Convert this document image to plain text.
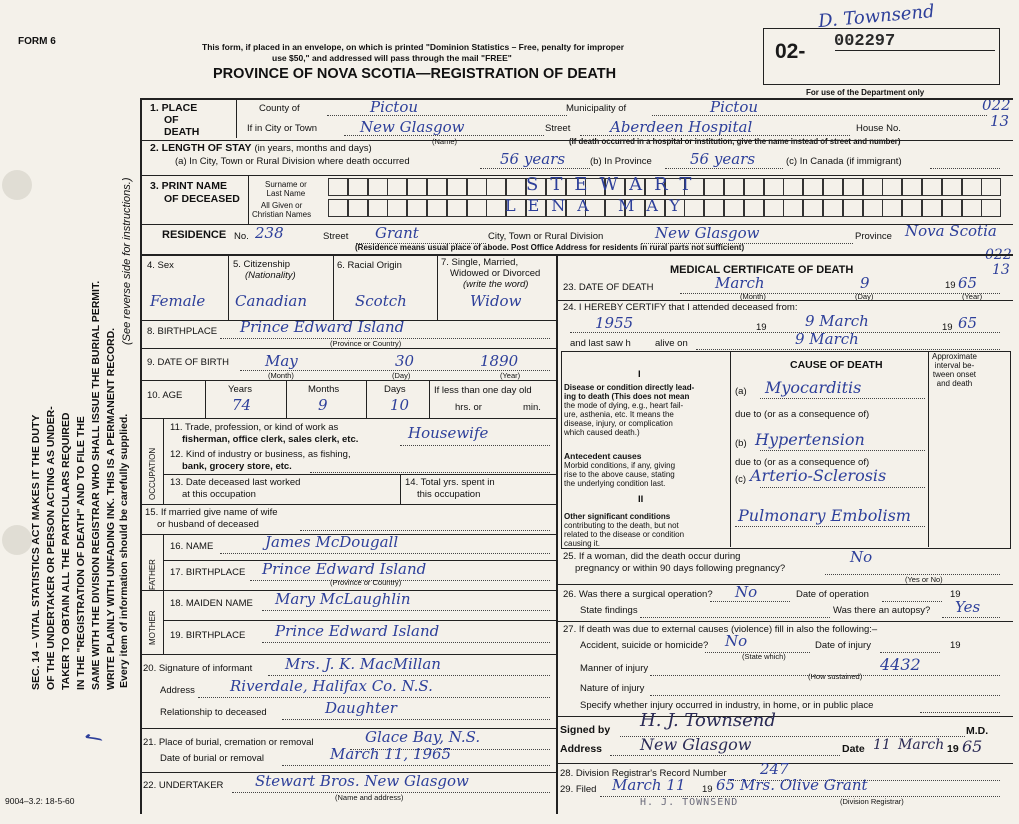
FORM 6	This form, if placed in an envelope, on which is printed "Dominion Statistics – Free, penalty for improper
use $50," and addressed will pass through the mail "FREE"
PROVINCE OF NOVA SCOTIA—REGISTRATION OF DEATH
02- 002297
D. Townsend
For use of the Department only
022
13
022
13
SEC. 14 – VITAL STATISTICS ACT MAKES IT THE DUTY OF THE UNDERTAKER OR PERSON ACTING AS UNDER- TAKER TO OBTAIN ALL THE PARTICULARS REQUIRED IN THE "REGISTRATION OF DEATH" AND TO FILE THE SAME WITH THE DIVISION REGISTRAR WHO SHALL ISSUE THE BURIAL PERMIT. WRITE PLAINLY WITH UNFADING INK. THIS IS A PERMANENT RECORD.
(See reverse side for instructions.)
Every item of information should be carefully supplied.
✓
1. PLACE
OF
DEATH
County of	Pictou	Municipality of	Pictou
If in City or Town	New Glasgow
(Name)
Street	Aberdeen Hospital	House No.
(If death occurred in a hospital or institution, give the name instead of street and number)
2. LENGTH OF STAY (in years, months and days)
(a) In City, Town or Rural Division where death occurred	56 years	(b) In Province	56 years	(c) In Canada (if immigrant)
3. PRINT NAME
OF DECEASED
Surname or
Last Name
All Given or
Christian Names
STEWART
LENA MAY
RESIDENCE No. 238	Street Grant	City, Town or Rural Division	New Glasgow	Province Nova Scotia
(Residence means usual place of abode. Post Office Address for residents in rural parts not sufficient)
4. Sex	5. Citizenship
(Nationality)
6. Racial Origin	7. Single, Married,
Widowed or Divorced
(write the word)
Female Canadian	Scotch	Widow
8. BIRTHPLACE Prince Edward Island
(Province or Country)
9. DATE OF BIRTH May	30	1890
(Month)	(Day)	(Year)
10. AGE
Years	Months	Days
74	9	10
If less than one day old
hrs. or	min.
OCCUPATION
11. Trade, profession, or kind of work as
fisherman, office clerk, sales clerk, etc.	Housewife
12. Kind of industry or business, as fishing,
bank, grocery store, etc.
13. Date deceased last worked
at this occupation
14. Total yrs. spent in
this occupation
15. If married give name of wife
or husband of deceased
FATHER
MOTHER
16. NAME	James McDougall
17. BIRTHPLACE Prince Edward Island
(Province or Country)
18. MAIDEN NAME Mary McLaughlin
19. BIRTHPLACE Prince Edward Island
20. Signature of informant Mrs. J. K. MacMillan
Address Riverdale, Halifax Co. N.S.
Relationship to deceased	Daughter
21. Place of burial, cremation or removal	Glace Bay, N.S.
Date of burial or removal	March 11, 1965
22. UNDERTAKER Stewart Bros. New Glasgow
(Name and address)
9004–3.2: 18-5-60
MEDICAL CERTIFICATE OF DEATH
23. DATE OF DEATH	March	9	19 65
(Month)	(Day)	(Year)
24. I HEREBY CERTIFY that I attended deceased from:
1955	19	9 March	19 65
and last saw h	alive on	9 March
CAUSE OF DEATH
Approximate
interval be-
tween onset
and death
I
Disease or condition directly lead-
ing to death (This does not mean
the mode of dying, e.g., heart fail-
ure, asthenia, etc. It means the
disease, injury, or complication
which caused death.)
(a) Myocarditis
due to (or as a consequence of)
(b) Hypertension
Antecedent causes
Morbid conditions, if any, giving
rise to the above cause, stating
the underlying condition last.
due to (or as a consequence of)
(c) Arterio-Sclerosis
II
Other significant conditions
contributing to the death, but not
related to the disease or condition
causing it.
Pulmonary Embolism
25. If a woman, did the death occur during
pregnancy or within 90 days following pregnancy?
No
(Yes or No)
26. Was there a surgical operation? No	Date of operation	19
State findings	Was there an autopsy? Yes
27. If death was due to external causes (violence) fill in also the following:–
Accident, suicide or homicide? No
(State which)
Date of injury	19
Manner of injury	4432
(How sustained)
Nature of injury
Specify whether injury occurred in industry, in home, or in public place
Signed by H. J. Townsend	M.D.
Address New Glasgow	Date 11 March 19 65
28. Division Registrar's Record Number 247
29. Filed March 11 19 65 Mrs. Olive Grant
(Division Registrar)
H. J. TOWNSEND
